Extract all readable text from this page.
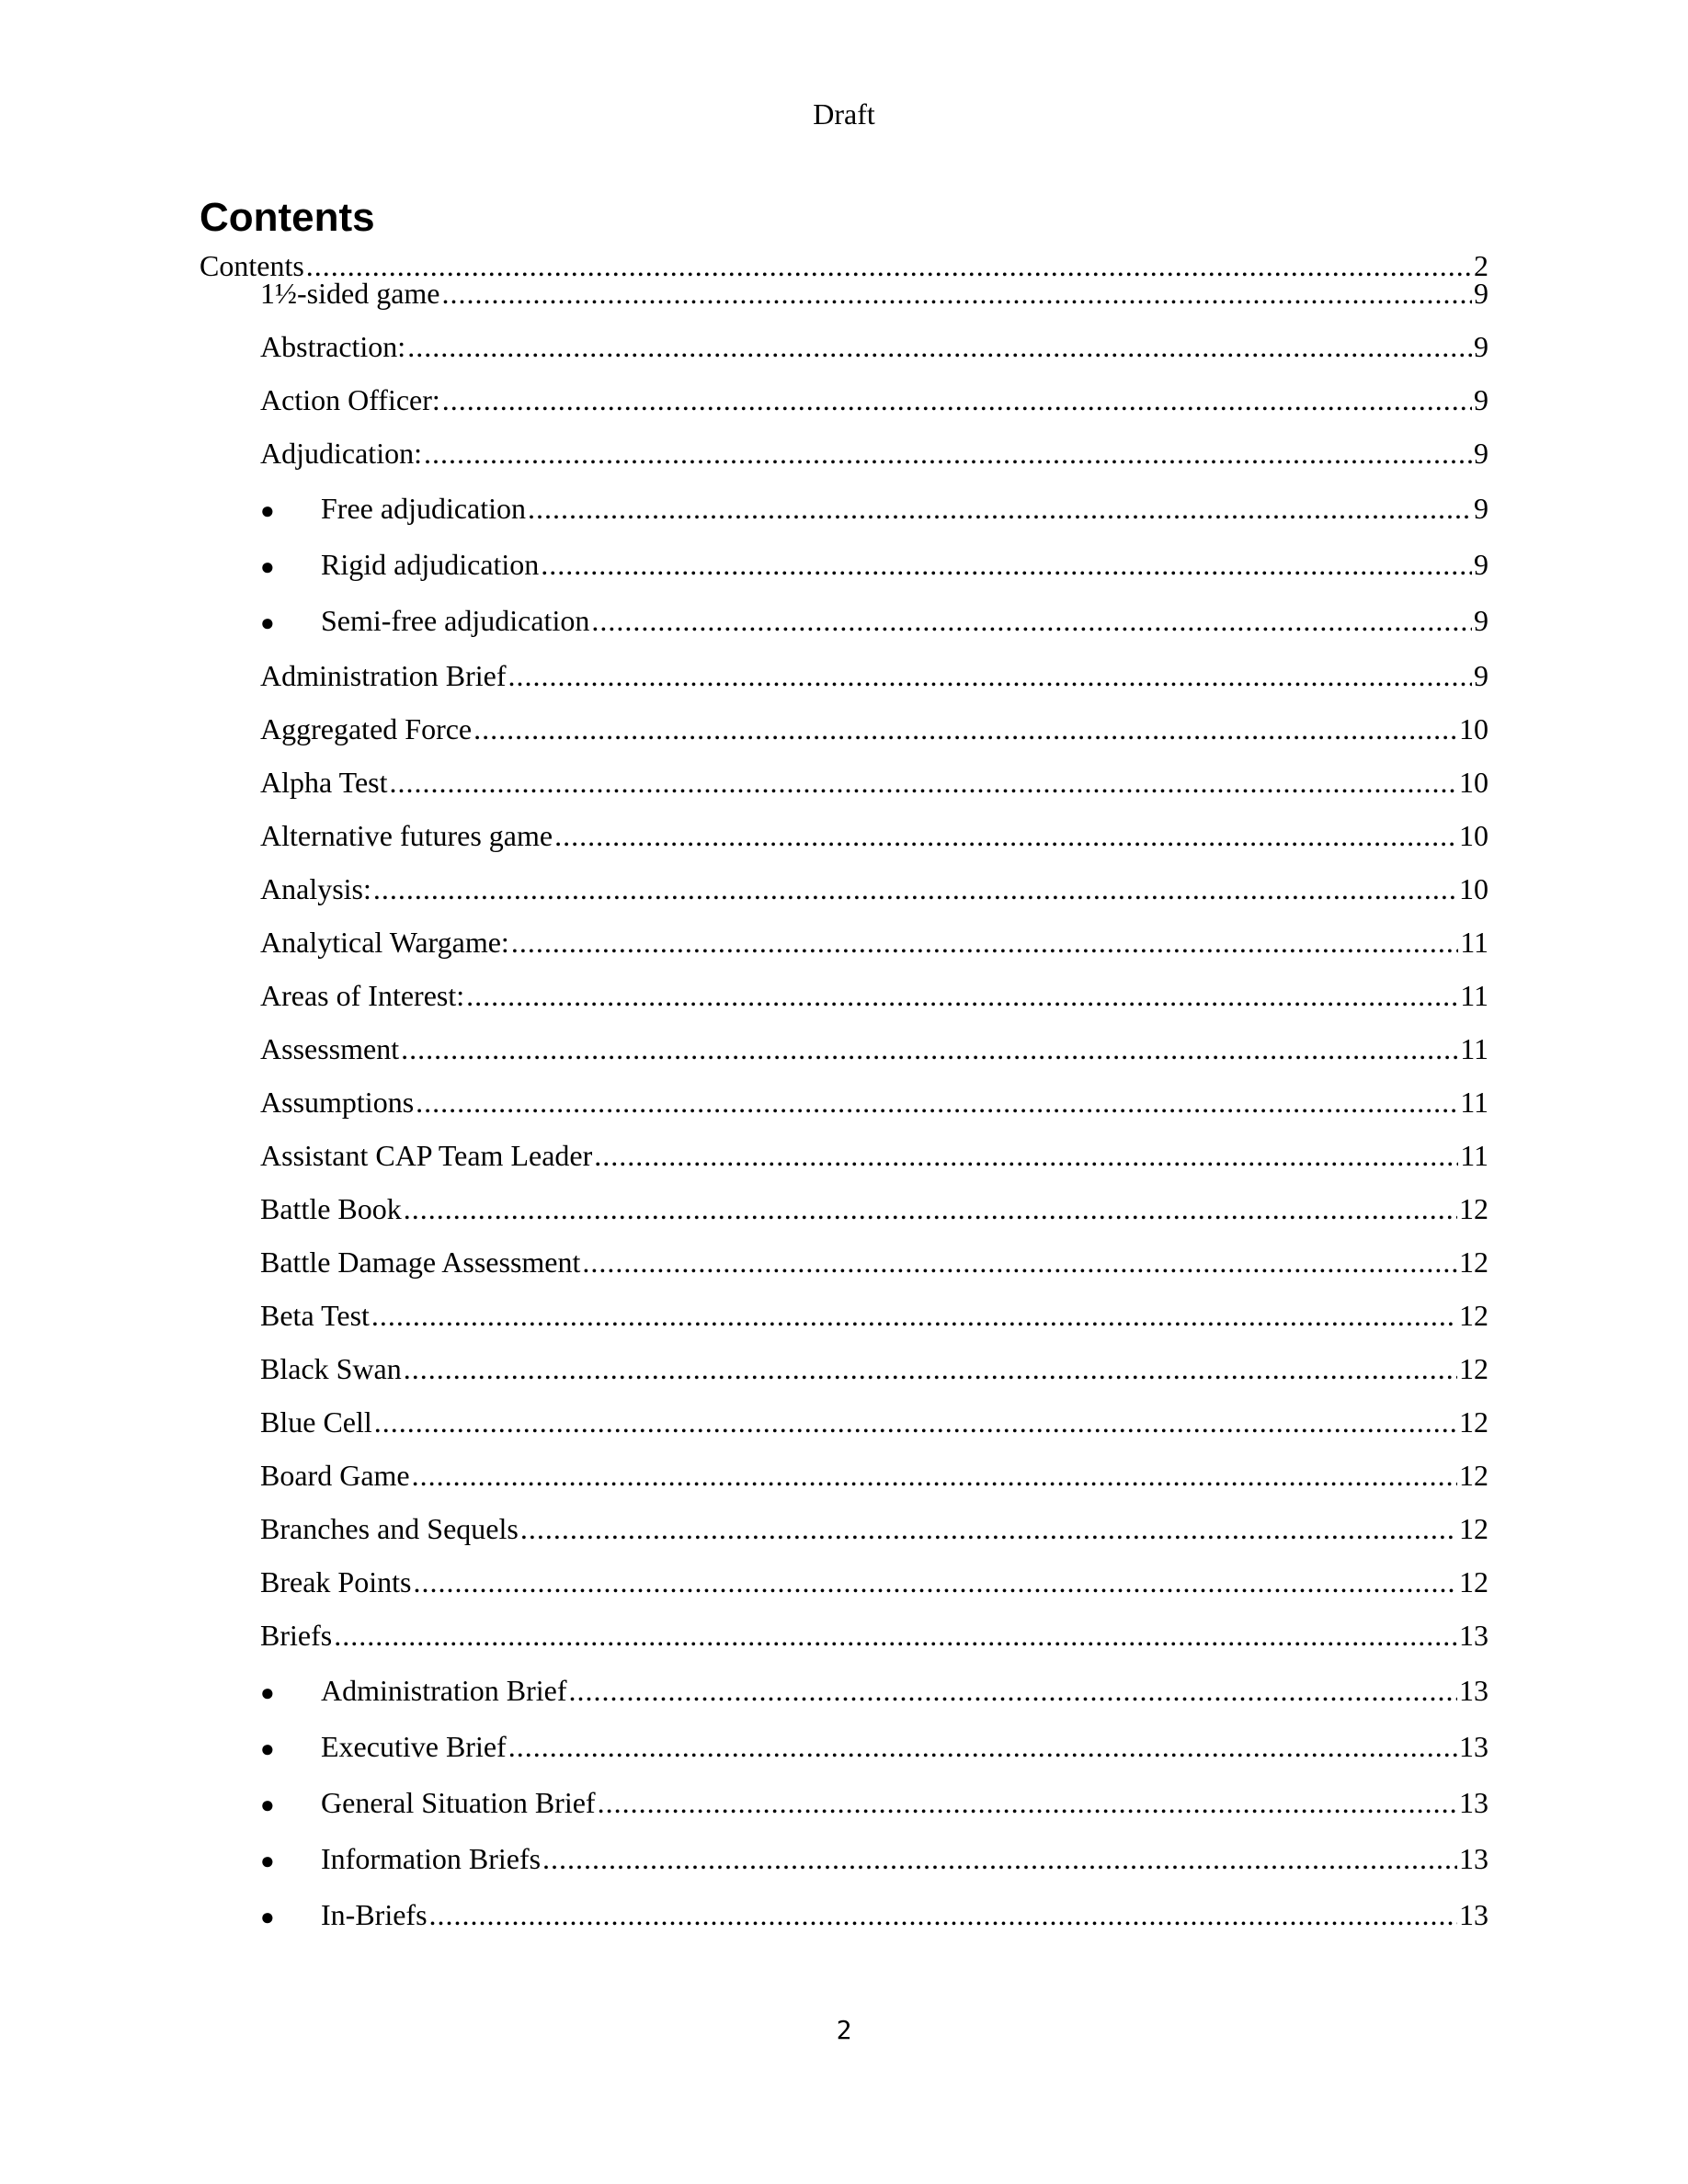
Draft
Contents
Contents .....	2
1½-sided game .....	9
Abstraction: .....	9
Action Officer: .....	9
Adjudication: .....	9
●	Free adjudication .....	9
●	Rigid adjudication .....	9
●	Semi-free adjudication .....	9
Administration Brief .....	9
Aggregated Force .....	10
Alpha Test .....	10
Alternative futures game .....	10
Analysis: .....	10
Analytical Wargame: .....	11
Areas of Interest: .....	11
Assessment .....	11
Assumptions .....	11
Assistant CAP Team Leader .....	11
Battle Book .....	12
Battle Damage Assessment .....	12
Beta Test .....	12
Black Swan .....	12
Blue Cell .....	12
Board Game .....	12
Branches and Sequels .....	12
Break Points .....	12
Briefs .....	13
●	Administration Brief .....	13
●	Executive Brief .....	13
●	General Situation Brief .....	13
●	Information Briefs .....	13
●	In-Briefs .....	13
2
